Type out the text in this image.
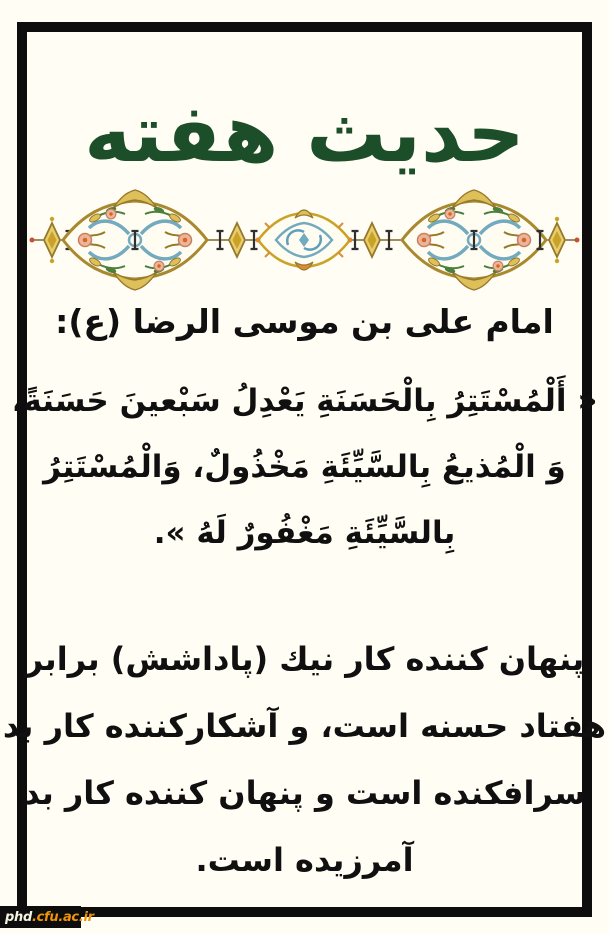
حدیث هفته
امام على بن موسى الرضا (ع):
« أَلْمُسْتَتِرُ بِالْحَسَنَةِ يَعْدِلُ سَبْعينَ حَسَنَةً،
وَ الْمُذيعُ بِالسَّيِّئَةِ مَخْذُولٌ، وَالْمُسْتَتِرُ
بِالسَّيِّئَةِ مَغْفُورٌ لَهُ ».
پنهان كننده كار نيك (پاداشش) برابر
هفتاد حسنه است، و آشكاركننده كار بد
سرافكنده است و پنهان كننده كار بد
آمرزيده است.
phd .cfu.ac.ir
